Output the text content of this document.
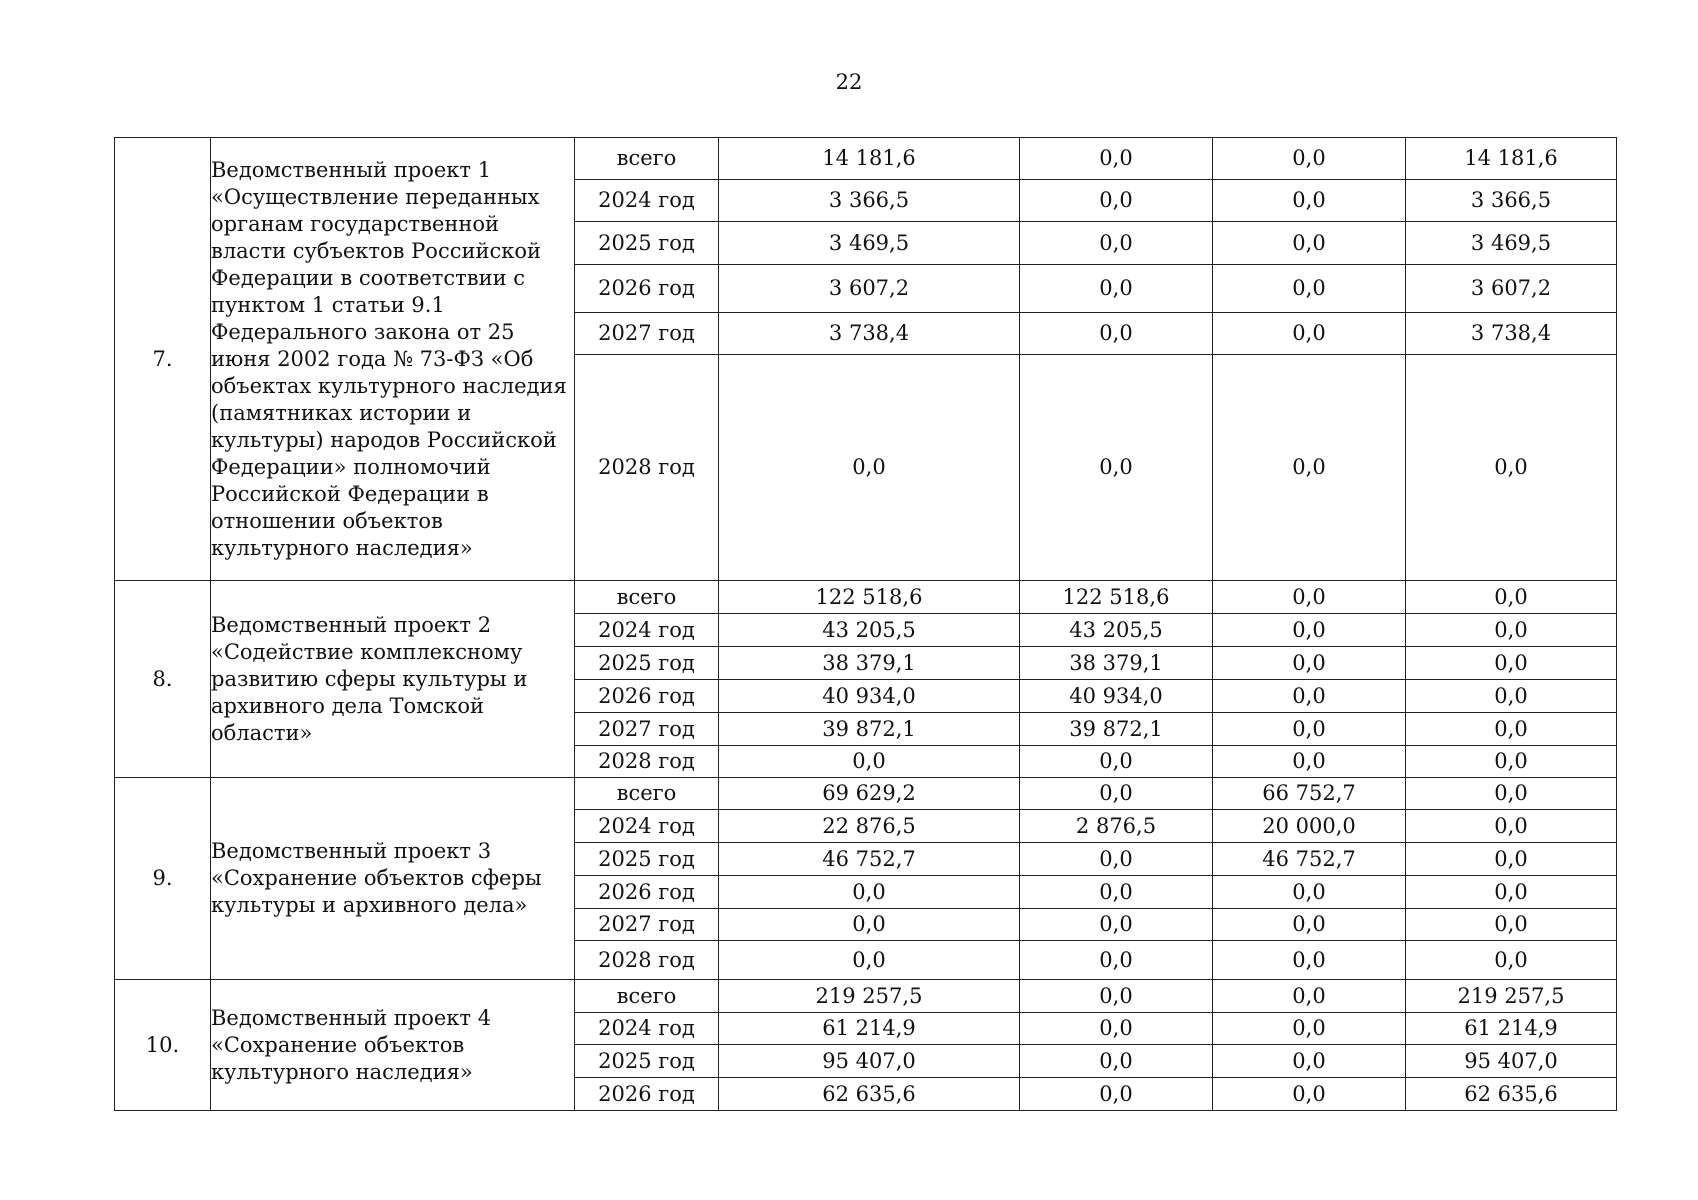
22
7.	Ведомственный проект 1 «Осуществление переданных органам государственной власти субъектов Российской Федерации в соответствии с пунктом 1 статьи 9.1 Федерального закона от 25 июня 2002 года № 73-ФЗ «Об объектах культурного наследия (памятниках истории и культуры) народов Российской Федерации» полномочий Российской Федерации в отношении объектов культурного наследия»	всего	14 181,6	0,0	0,0	14 181,6
		2024 год	3 366,5	0,0	0,0	3 366,5
		2025 год	3 469,5	0,0	0,0	3 469,5
		2026 год	3 607,2	0,0	0,0	3 607,2
		2027 год	3 738,4	0,0	0,0	3 738,4
		2028 год	0,0	0,0	0,0	0,0
8.	Ведомственный проект 2 «Содействие комплексному развитию сферы культуры и архивного дела Томской области»	всего	122 518,6	122 518,6	0,0	0,0
		2024 год	43 205,5	43 205,5	0,0	0,0
		2025 год	38 379,1	38 379,1	0,0	0,0
		2026 год	40 934,0	40 934,0	0,0	0,0
		2027 год	39 872,1	39 872,1	0,0	0,0
		2028 год	0,0	0,0	0,0	0,0
9.	Ведомственный проект 3 «Сохранение объектов сферы культуры и архивного дела»	всего	69 629,2	0,0	66 752,7	0,0
		2024 год	22 876,5	2 876,5	20 000,0	0,0
		2025 год	46 752,7	0,0	46 752,7	0,0
		2026 год	0,0	0,0	0,0	0,0
		2027 год	0,0	0,0	0,0	0,0
		2028 год	0,0	0,0	0,0	0,0
10.	Ведомственный проект 4 «Сохранение объектов культурного наследия»	всего	219 257,5	0,0	0,0	219 257,5
		2024 год	61 214,9	0,0	0,0	61 214,9
		2025 год	95 407,0	0,0	0,0	95 407,0
		2026 год	62 635,6	0,0	0,0	62 635,6
